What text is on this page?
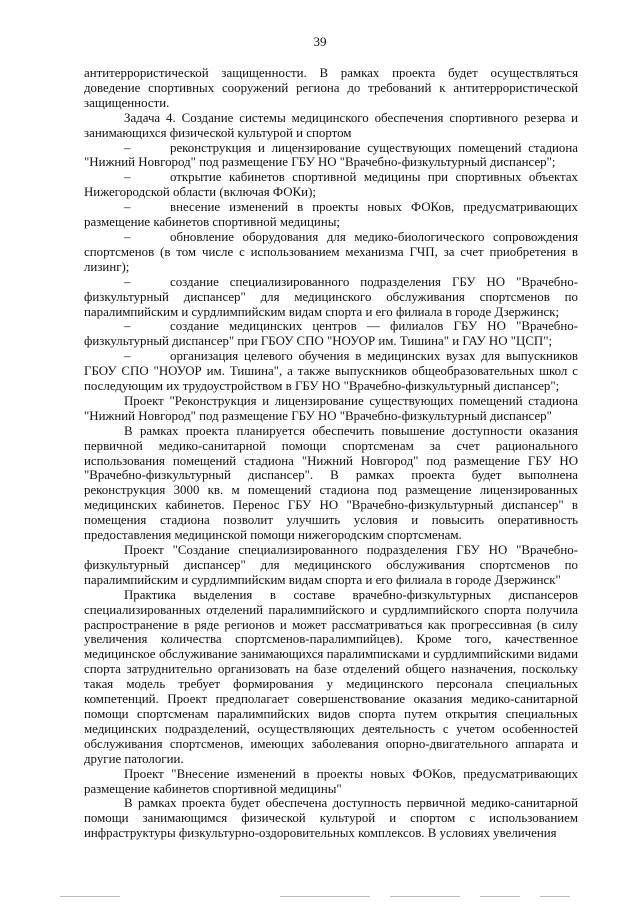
39

антитеррористической защищенности. В рамках проекта будет осуществляться доведение спортивных сооружений региона до требований к антитеррористической защищенности.

Задача 4. Создание системы медицинского обеспечения спортивного резерва и занимающихся физической культурой и спортом

–	реконструкция и лицензирование существующих помещений стадиона "Нижний Новгород" под размещение ГБУ НО "Врачебно-физкультурный диспансер";

–	открытие кабинетов спортивной медицины при спортивных объектах Нижегородской области (включая ФОКи);

–	внесение изменений в проекты новых ФОКов, предусматривающих размещение кабинетов спортивной медицины;

–	обновление оборудования для медико-биологического сопровождения спортсменов (в том числе с использованием механизма ГЧП, за счет приобретения в лизинг);

–	создание специализированного подразделения ГБУ НО "Врачебно-физкультурный диспансер" для медицинского обслуживания спортсменов по паралимпийским и сурдлимпийским видам спорта и его филиала в городе Дзержинск;

–	создание медицинских центров — филиалов ГБУ НО "Врачебно-физкультурный диспансер" при ГБОУ СПО "НОУОР им. Тишина" и ГАУ НО "ЦСП";

–	организация целевого обучения в медицинских вузах для выпускников ГБОУ СПО "НОУОР им. Тишина", а также выпускников общеобразовательных школ с последующим их трудоустройством в ГБУ НО "Врачебно-физкультурный диспансер";

Проект "Реконструкция и лицензирование существующих помещений стадиона "Нижний Новгород" под размещение ГБУ НО "Врачебно-физкультурный диспансер"

В рамках проекта планируется обеспечить повышение доступности оказания первичной медико-санитарной помощи спортсменам за счет рационального использования помещений стадиона "Нижний Новгород" под размещение ГБУ НО "Врачебно-физкультурный диспансер". В рамках проекта будет выполнена реконструкция 3000 кв. м помещений стадиона под размещение лицензированных медицинских кабинетов. Перенос ГБУ НО "Врачебно-физкультурный диспансер" в помещения стадиона позволит улучшить условия и повысить оперативность предоставления медицинской помощи нижегородским спортсменам.

Проект "Создание специализированного подразделения ГБУ НО "Врачебно-физкультурный диспансер" для медицинского обслуживания спортсменов по паралимпийским и сурдлимпийским видам спорта и его филиала в городе Дзержинск"

Практика выделения в составе врачебно-физкультурных диспансеров специализированных отделений паралимпийского и сурдлимпийского спорта получила распространение в ряде регионов и может рассматриваться как прогрессивная (в силу увеличения количества спортсменов-паралимпийцев). Кроме того, качественное медицинское обслуживание занимающихся паралимписками и сурдлимпийскими видами спорта затруднительно организовать на базе отделений общего назначения, поскольку такая модель требует формирования у медицинского персонала специальных компетенций. Проект предполагает совершенствование оказания медико-санитарной помощи спортсменам паралимпийских видов спорта путем открытия специальных медицинских подразделений, осуществляющих деятельность с учетом особенностей обслуживания спортсменов, имеющих заболевания опорно-двигательного аппарата и другие патологии.

Проект "Внесение изменений в проекты новых ФОКов, предусматривающих размещение кабинетов спортивной медицины"

В рамках проекта будет обеспечена доступность первичной медико-санитарной помощи занимающимся физической культурой и спортом с использованием инфраструктуры физкультурно-оздоровительных комплексов. В условиях увеличения
